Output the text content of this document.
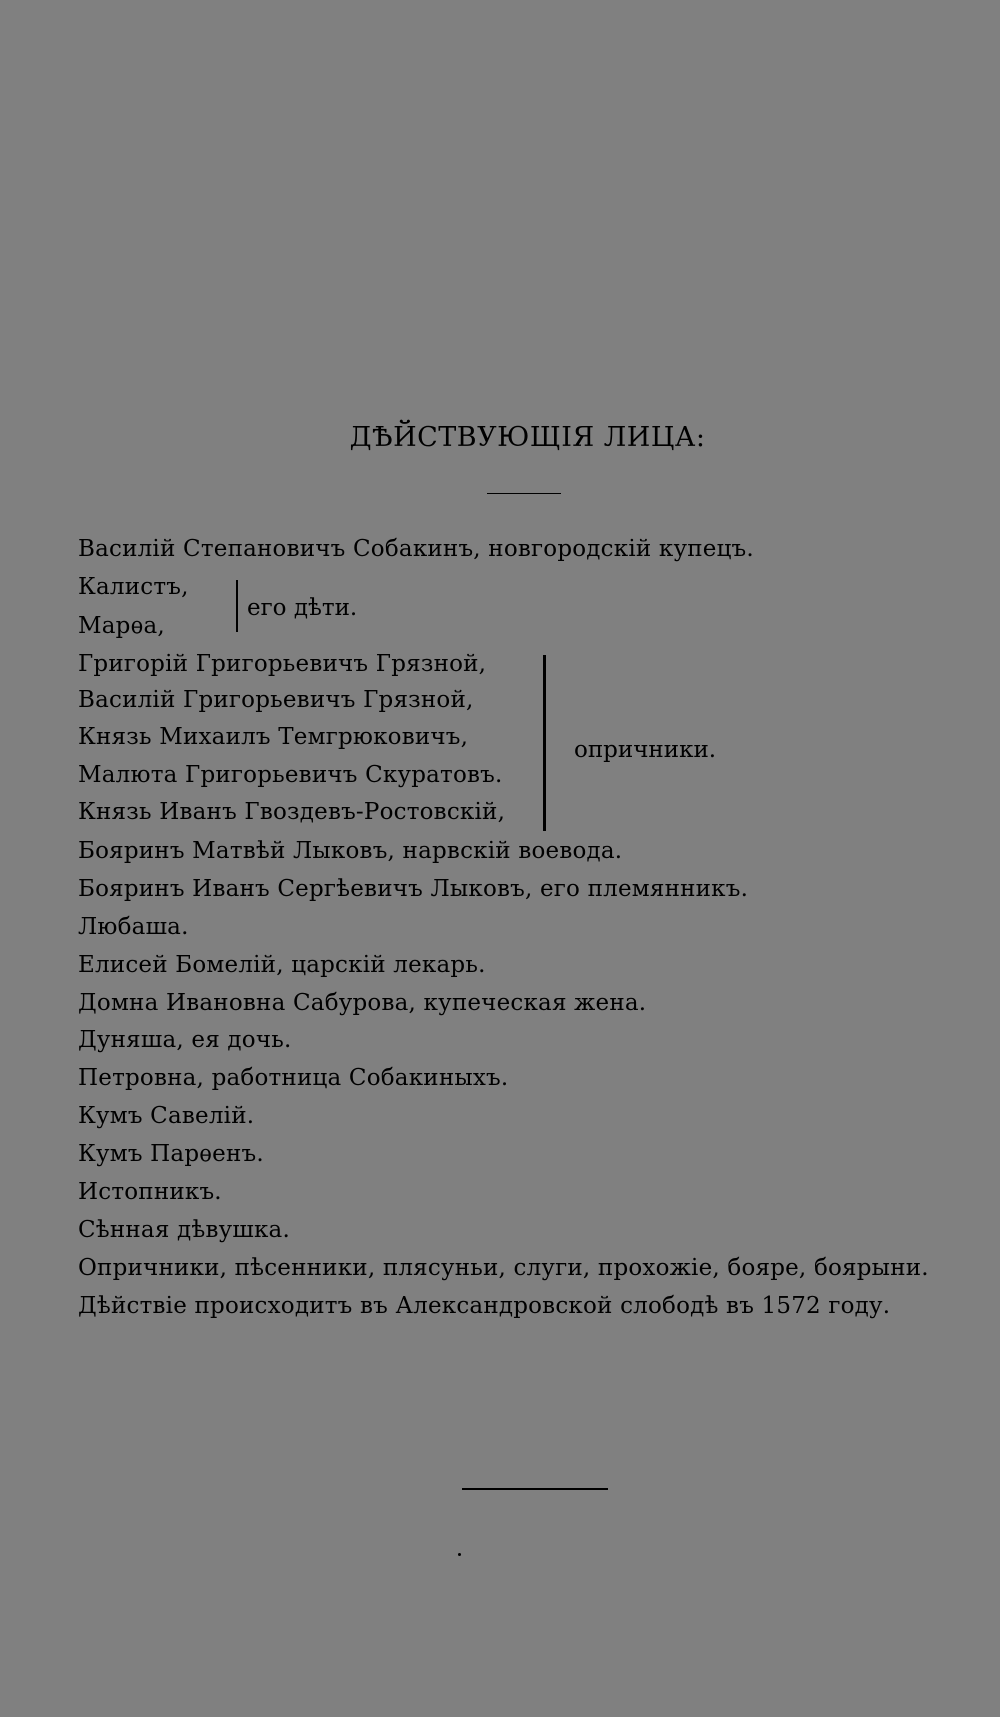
ДѢЙСТВУЮЩІЯ ЛИЦА:
Василій Степановичъ Собакинъ, новгородскій купецъ.
Калистъ,
Марѳа,
его дѣти.
Григорій Григорьевичъ Грязной,
Василій Григорьевичъ Грязной,
Князь Михаилъ Темгрюковичъ,
Малюта Григорьевичъ Скуратовъ.
Князь Иванъ Гвоздевъ-Ростовскій,
опричники.
Бояринъ Матвѣй Лыковъ, нарвскій воевода.
Бояринъ Иванъ Сергѣевичъ Лыковъ, его племянникъ.
Любаша.
Елисей Бомелій, царскій лекарь.
Домна Ивановна Сабурова, купеческая жена.
Дуняша, ея дочь.
Петровна, работница Собакиныхъ.
Кумъ Савелій.
Кумъ Парѳенъ.
Истопникъ.
Сѣнная дѣвушка.
Опричники, пѣсенники, плясуньи, слуги, прохожіе, бояре, боярыни.
Дѣйствіе происходитъ въ Александровской слободѣ въ 1572 году.
